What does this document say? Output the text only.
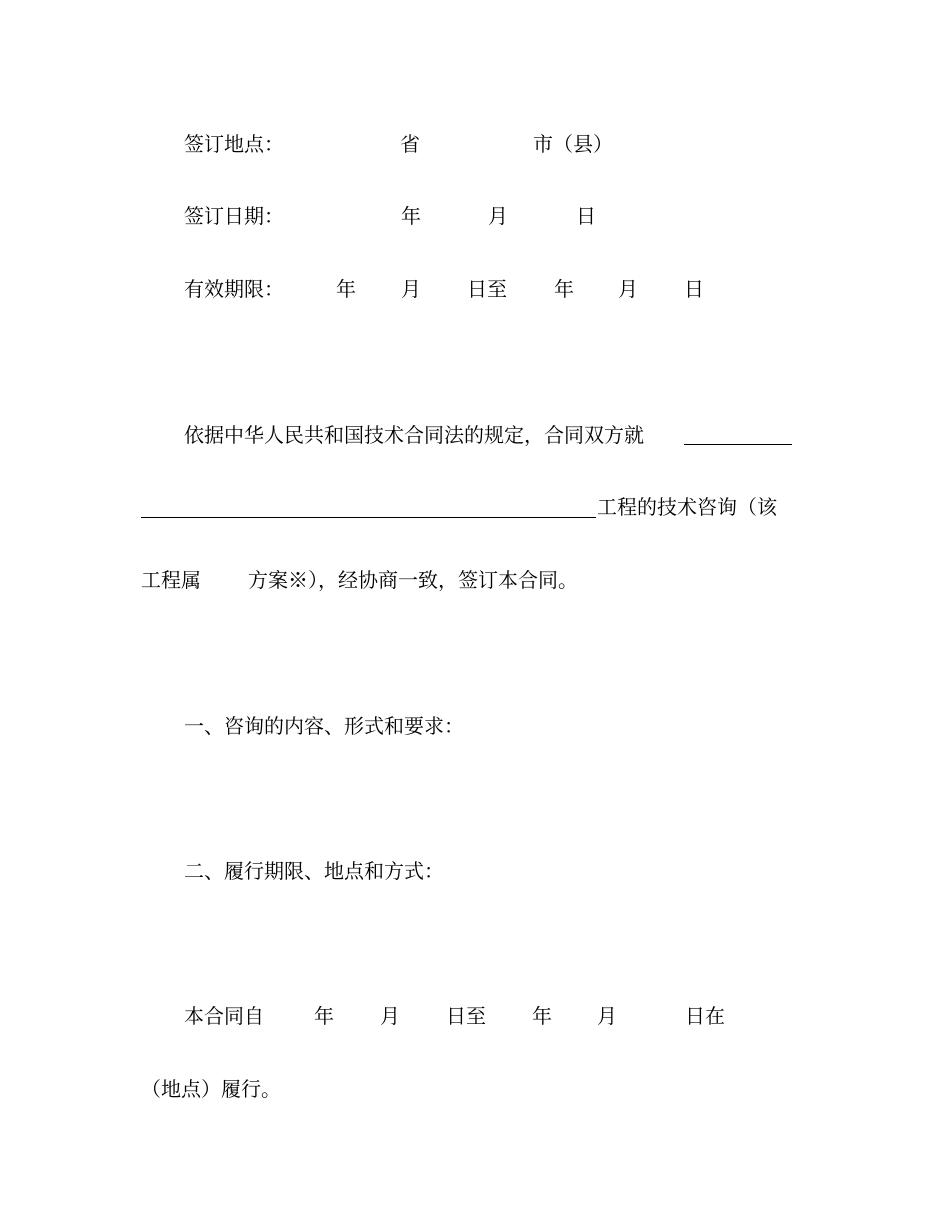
签订地点：	省	市（县）
签订日期：	年	月	日
有效期限：	年 月 日至 年 月 日
依据中华人民共和国技术合同法的规定，合同双方就
工程的技术咨询（该
工程属 方案※），经协商一致，签订本合同。
一、咨询的内容、形式和要求：
二、履行期限、地点和方式：
本合同自	年 月 日至 年 月	日在
（地点）履行。
